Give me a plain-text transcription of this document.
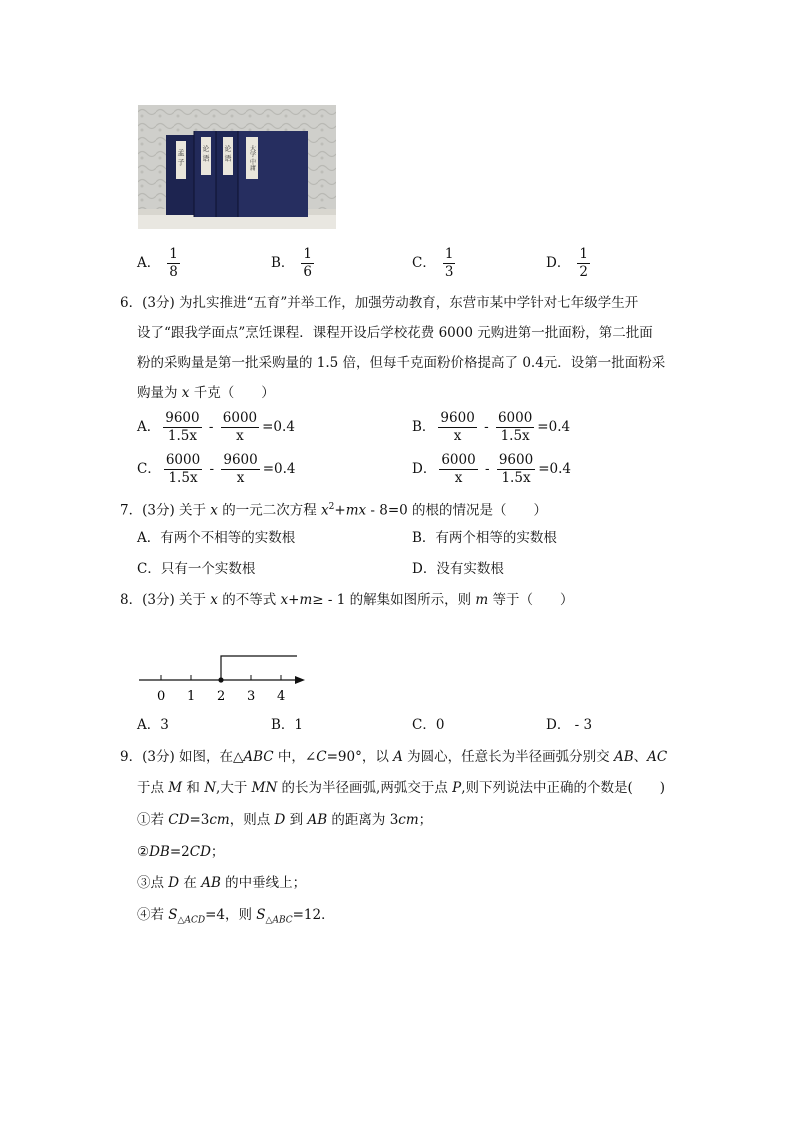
孟 子 论 语 论 语	大学 中庸
A． $\frac{1}{8}$	B． $\frac{1}{6}$	C． $\frac{1}{3}$	D． $\frac{1}{2}$
6．(3分) 为扎实推进“五育”并举工作，加强劳动教育，东营市某中学针对七年级学生开
设了“跟我学面点”烹饪课程．课程开设后学校花费 6000 元购进第一批面粉，第二批面
粉的采购量是第一批采购量的 1.5 倍，但每千克面粉价格提高了 0.4元．设第一批面粉采
购量为 x 千克（　　）
A． $\frac{9600}{1.5x} - \frac{6000}{x} =0.4$	B． $\frac{9600}{x} - \frac{6000}{1.5x} =0.4$
C． $\frac{6000}{1.5x} - \frac{9600}{x} =0.4$	D． $\frac{6000}{x} - \frac{9600}{1.5x} =0.4$
7．(3分) 关于 x 的一元二次方程 $x^2+mx - 8=0$ 的根的情况是（　　）
A．有两个不相等的实数根	B．有两个相等的实数根
C．只有一个实数根	D．没有实数根
8．(3分) 关于 x 的不等式 x+m≥ - 1 的解集如图所示，则 m 等于（　　）
0 1 2 3 4
A．3	B．1	C．0	D． - 3
9．(3分) 如图，在△ABC 中，∠C=90°，以 A 为圆心，任意长为半径画弧分别交 AB、AC
于点 M 和 N,大于 MN 的长为半径画弧,两弧交于点 P,则下列说法中正确的个数是(　　)
①若 CD=3cm，则点 D 到 AB 的距离为 3cm；
②DB=2CD；
③点 D 在 AB 的中垂线上；
④若 $S_{\triangle ACD}=4$，则 $S_{\triangle ABC}=12$．
